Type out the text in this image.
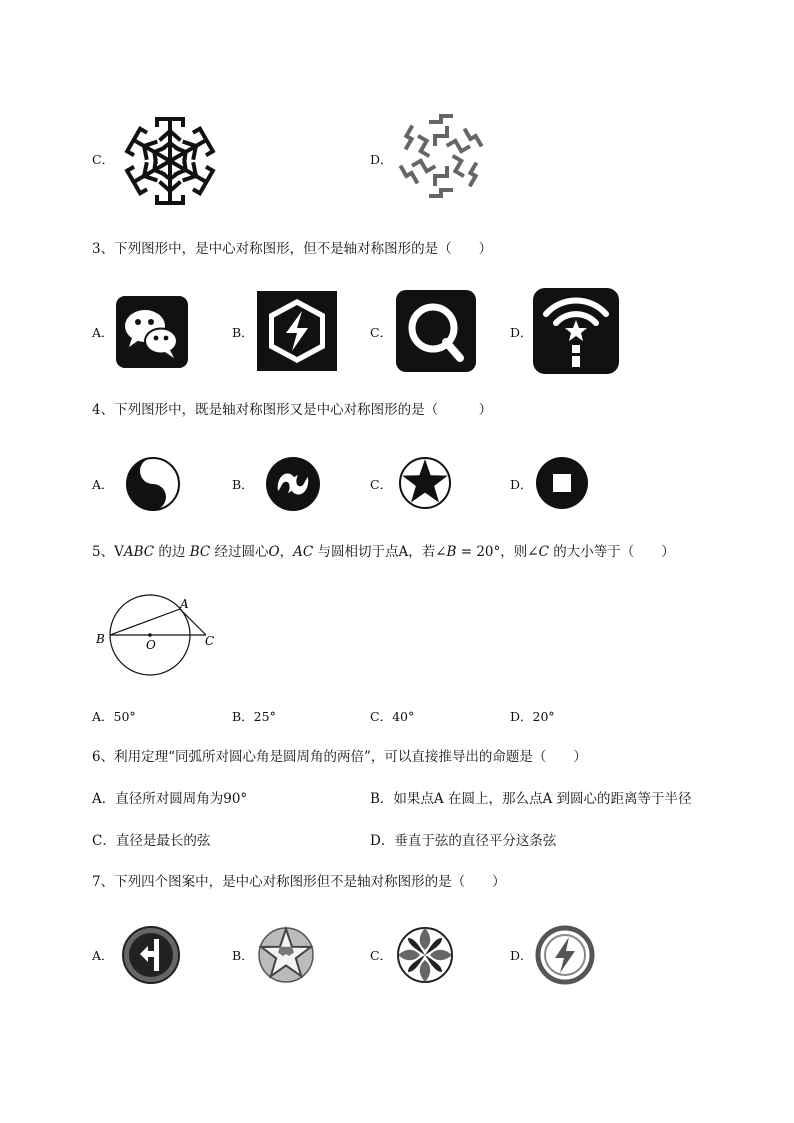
C．	D．
3、下列图形中，是中心对称图形，但不是轴对称图形的是（　　）
A．	B．	C．	D．
4、下列图形中，既是轴对称图形又是中心对称图形的是（　　　）
A．	B．	C．	D．
5、VABC 的边 BC 经过圆心O，AC 与圆相切于点A，若∠B = 20°，则∠C 的大小等于（　　）
A
B	C
O
A．50°	B．25°	C．40°	D．20°
6、利用定理“同弧所对圆心角是圆周角的两倍”，可以直接推导出的命题是（　　）
A．直径所对圆周角为90°	B．如果点A 在圆上，那么点A 到圆心的距离等于半径
C．直径是最长的弦	D．垂直于弦的直径平分这条弦
7、下列四个图案中，是中心对称图形但不是轴对称图形的是（　　）
A．	B．	C．	D．
